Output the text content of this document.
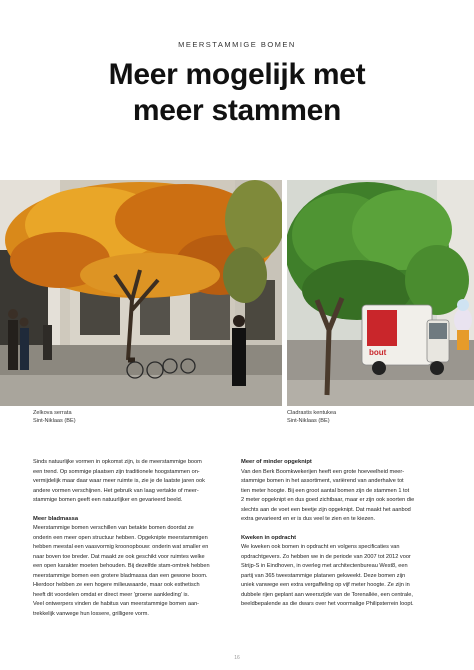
MEERSTAMMIGE BOMEN
Meer mogelijk met
meer stammen
bout
Zelkova serrata
Sint-Niklaas (BE)
Cladrastis kentukea
Sint-Niklaas (BE)

Sinds natuurlijke vormen in opkomst zijn, is de meerstammige boom

een trend. Op sommige plaatsen zijn traditionele hoogstammen on-

vermijdelijk maar daar waar meer ruimte is, zie je de laatste jaren ook

andere vormen verschijnen. Het gebruik van laag vertakte of meer-

stammige bomen geeft een natuurlijker en gevarieerd beeld.

Meer bladmassa

Meerstammige bomen verschillen van betakte bomen doordat ze

onderin een meer open structuur hebben. Opgeknipte meerstammigen

hebben meestal een vaasvormig kroonopbouw: onderin wat smaller en

naar boven toe breder. Dat maakt ze ook geschikt voor ruimtes welke

een open karakter moeten behouden. Bij dezelfde stam-omtrek hebben

meerstammige bomen een grotere bladmassa dan een gewone boom.

Hierdoor hebben ze een hogere milieuwaarde, maar ook esthetisch

heeft dit voordelen omdat er direct meer 'groene aankleding' is.

Veel ontwerpers vinden de habitus van meerstammige bomen aan-

trekkelijk vanwege hun lossere, grilligere vorm.

Meer of minder opgeknipt

Van den Berk Boomkwekerijen heeft een grote hoeveelheid meer-

stammige bomen in het assortiment, variërend van anderhalve tot

tien meter hoogte. Bij een groot aantal bomen zijn de stammen 1 tot

2 meter opgeknipt en dus goed zichtbaar, maar er zijn ook soorten die

slechts aan de voet een beetje zijn opgeknipt. Dat maakt het aanbod

extra gevarieerd en er is dus veel te zien en te kiezen.

Kweken in opdracht

We kweken ook bomen in opdracht en volgens specificaties van

opdrachtgevers. Zo hebben we in de periode van 2007 tot 2012 voor

Strijp-S in Eindhoven, in overleg met architectenbureau West8, een

partij van 365 tweestammige platanen gekweekt. Deze bomen zijn

uniek vanwege een extra vergaffeling op vijf meter hoogte. Ze zijn in

dubbele rijen geplant aan weerszijde van de Torenallée, een centrale,

beeldbepalende as die dwars over het voormalige Philipsterrein loopt.

16
